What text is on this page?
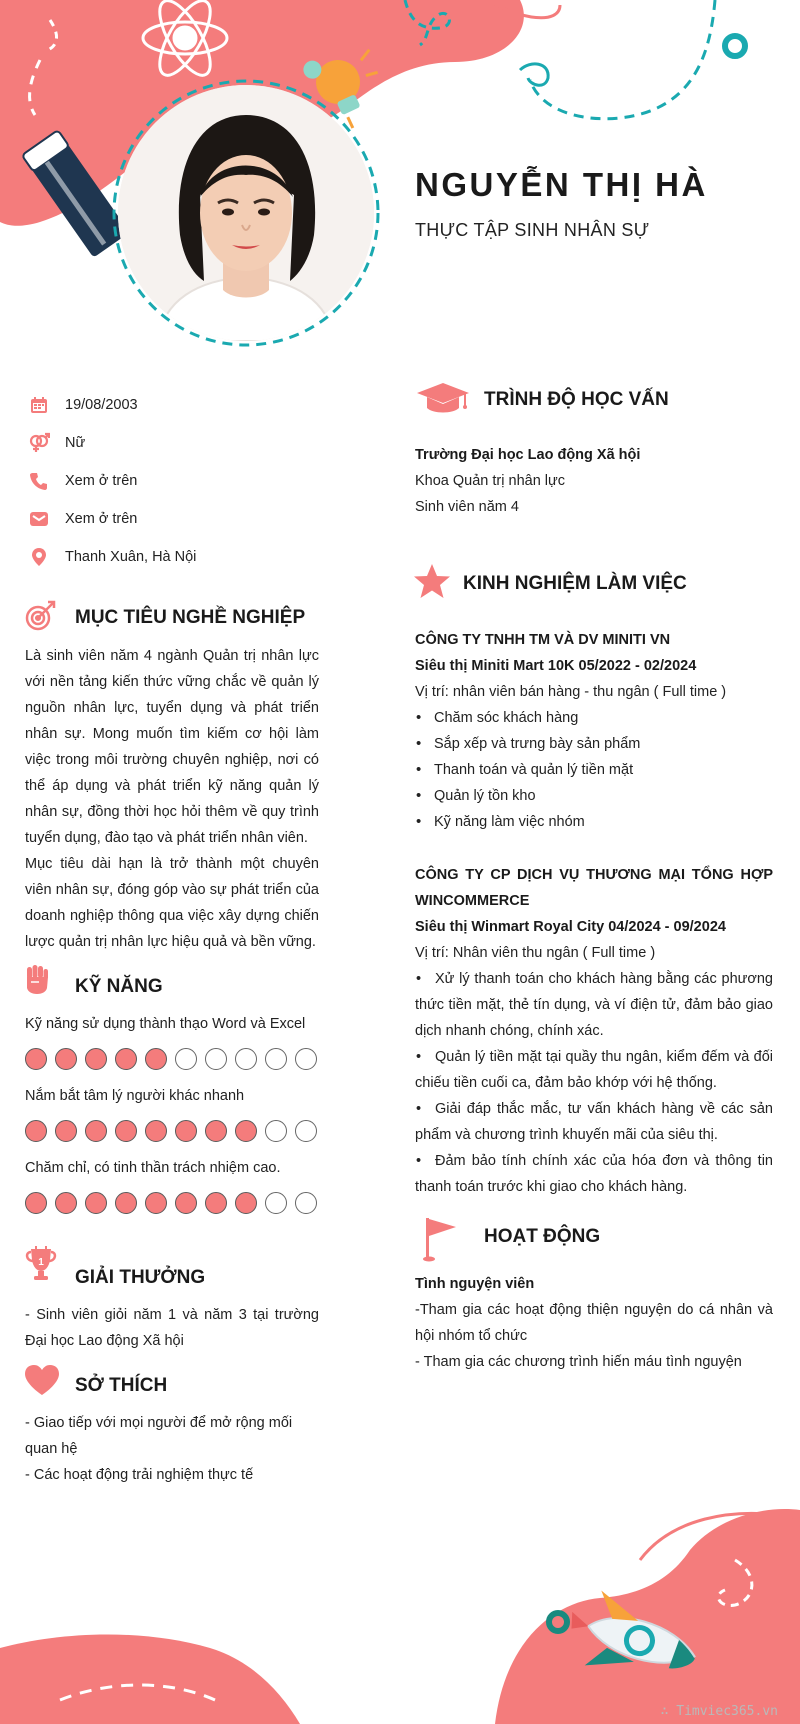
NGUYỄN THỊ HÀ
THỰC TẬP SINH NHÂN SỰ
19/08/2003
Nữ
Xem ở trên
Xem ở trên
Thanh Xuân, Hà Nội
MỤC TIÊU NGHỀ NGHIỆP

Là sinh viên năm 4 ngành Quản trị nhân lực với nền tảng kiến thức vững chắc về quản lý nguồn nhân lực, tuyển dụng và phát triển nhân sự. Mong muốn tìm kiếm cơ hội làm việc trong môi trường chuyên nghiệp, nơi có thể áp dụng và phát triển kỹ năng quản lý nhân sự, đồng thời học hỏi thêm về quy trình tuyển dụng, đào tạo và phát triển nhân viên.

Mục tiêu dài hạn là trở thành một chuyên viên nhân sự, đóng góp vào sự phát triển của doanh nghiệp thông qua việc xây dựng chiến lược quản trị nhân lực hiệu quả và bền vững.

KỸ NĂNG
Kỹ năng sử dụng thành thạo Word và Excel
Nắm bắt tâm lý người khác nhanh
Chăm chỉ, có tinh thần trách nhiệm cao.
1
GIẢI THƯỞNG
- Sinh viên giỏi năm 1 và năm 3 tại trường Đại học Lao động Xã hội
SỞ THÍCH

- Giao tiếp với mọi người để mở rộng mối quan hệ

- Các hoạt động trải nghiệm thực tế

TRÌNH ĐỘ HỌC VẤN
Trường Đại học Lao động Xã hội
Khoa Quản trị nhân lực
Sinh viên năm 4
KINH NGHIỆM LÀM VIỆC
CÔNG TY TNHH TM VÀ DV MINITI VN
Siêu thị Miniti Mart 10K 05/2022 - 02/2024
Vị trí: nhân viên bán hàng - thu ngân ( Full time )
• Chăm sóc khách hàng
• Sắp xếp và trưng bày sản phẩm
• Thanh toán và quản lý tiền mặt
• Quản lý tồn kho
• Kỹ năng làm việc nhóm
CÔNG TY CP DỊCH VỤ THƯƠNG MẠI TỔNG HỢP WINCOMMERCE
Siêu thị Winmart Royal City 04/2024 - 09/2024
Vị trí: Nhân viên thu ngân ( Full time )
• Xử lý thanh toán cho khách hàng bằng các phương thức tiền mặt, thẻ tín dụng, và ví điện tử, đảm bảo giao dịch nhanh chóng, chính xác.
• Quản lý tiền mặt tại quầy thu ngân, kiểm đếm và đối chiếu tiền cuối ca, đảm bảo khớp với hệ thống.
• Giải đáp thắc mắc, tư vấn khách hàng về các sản phẩm và chương trình khuyến mãi của siêu thị.
• Đảm bảo tính chính xác của hóa đơn và thông tin thanh toán trước khi giao cho khách hàng.
HOẠT ĐỘNG
Tình nguyện viên
-Tham gia các hoạt động thiện nguyện do cá nhân và hội nhóm tổ chức
- Tham gia các chương trình hiến máu tình nguyện
∴ Timviec365.vn
